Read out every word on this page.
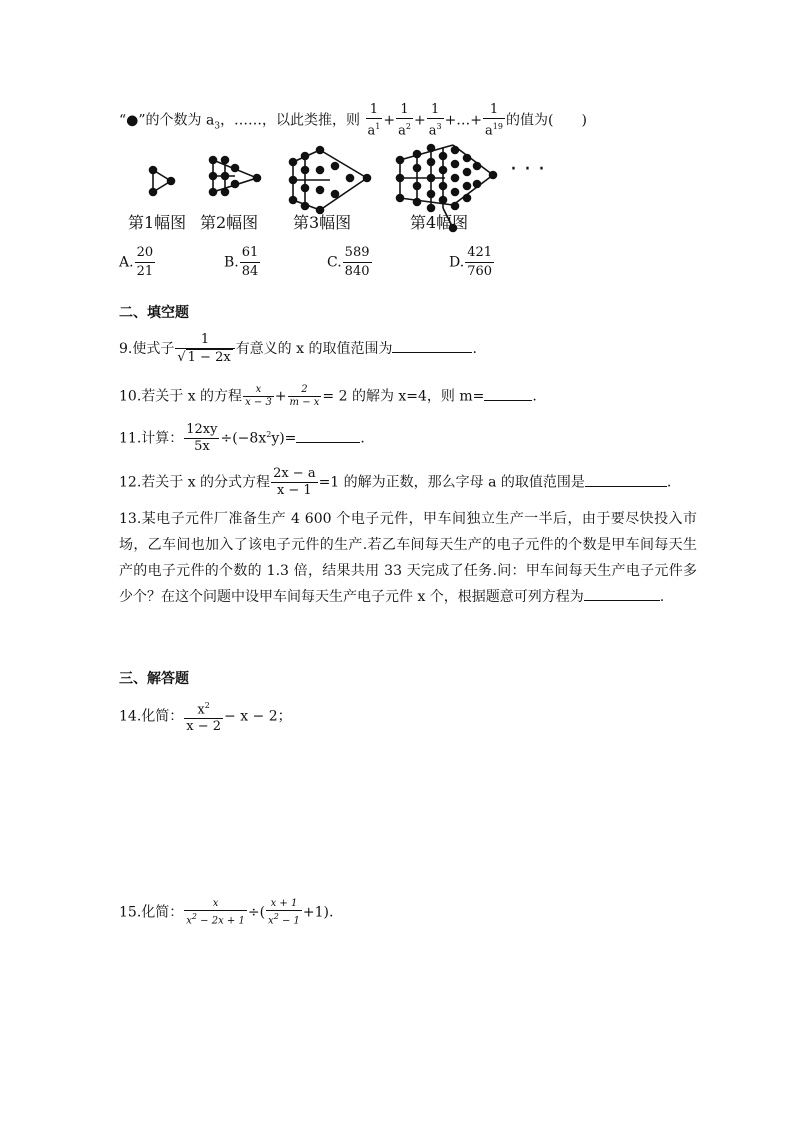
“●”的个数为 $a_3$，……，以此类推，则 $\frac{1}{a^1} + \frac{1}{a^2} + \frac{1}{a^3}$ +…+ $\frac{1}{a^{19}}$ 的值为(　　)
· · ·
第1幅图 第2幅图 第3幅图	第4幅图
A. $\frac{20}{21}$	B. $\frac{61}{84}$	C. $\frac{589}{840}$	D. $\frac{421}{760}$
二、填空题
9.使式子 $\frac{1}{√ 1 - 2x}$ 有意义的 x 的取值范围为	.
10.若关于 x 的方程 $\frac{x}{x - 3} + \frac{2}{m - x} = 2$ 的解为 x=4，则 m=	.
11.计算： $\frac{12xy}{5x} \div(-8x^2y)=$	.
12.若关于 x 的分式方程 $\frac{2x - a}{x - 1} =1$ 的解为正数，那么字母 a 的取值范围是	.
13.某电子元件厂准备生产 4 600 个电子元件，甲车间独立生产一半后，由于要尽快投入市场，乙车间也加入了该电子元件的生产.若乙车间每天生产的电子元件的个数是甲车间每天生产的电子元件的个数的 1.3 倍，结果共用 33 天完成了任务.问：甲车间每天生产电子元件多少个？在这个问题中设甲车间每天生产电子元件 x 个，根据题意可列方程为	.
三、解答题
14.化简： $\frac{x^2}{x - 2} - x - 2$；
15.化简： $\frac{x}{x^2 - 2x + 1}$ ÷( $\frac{x + 1}{x^2 - 1} +1$).
